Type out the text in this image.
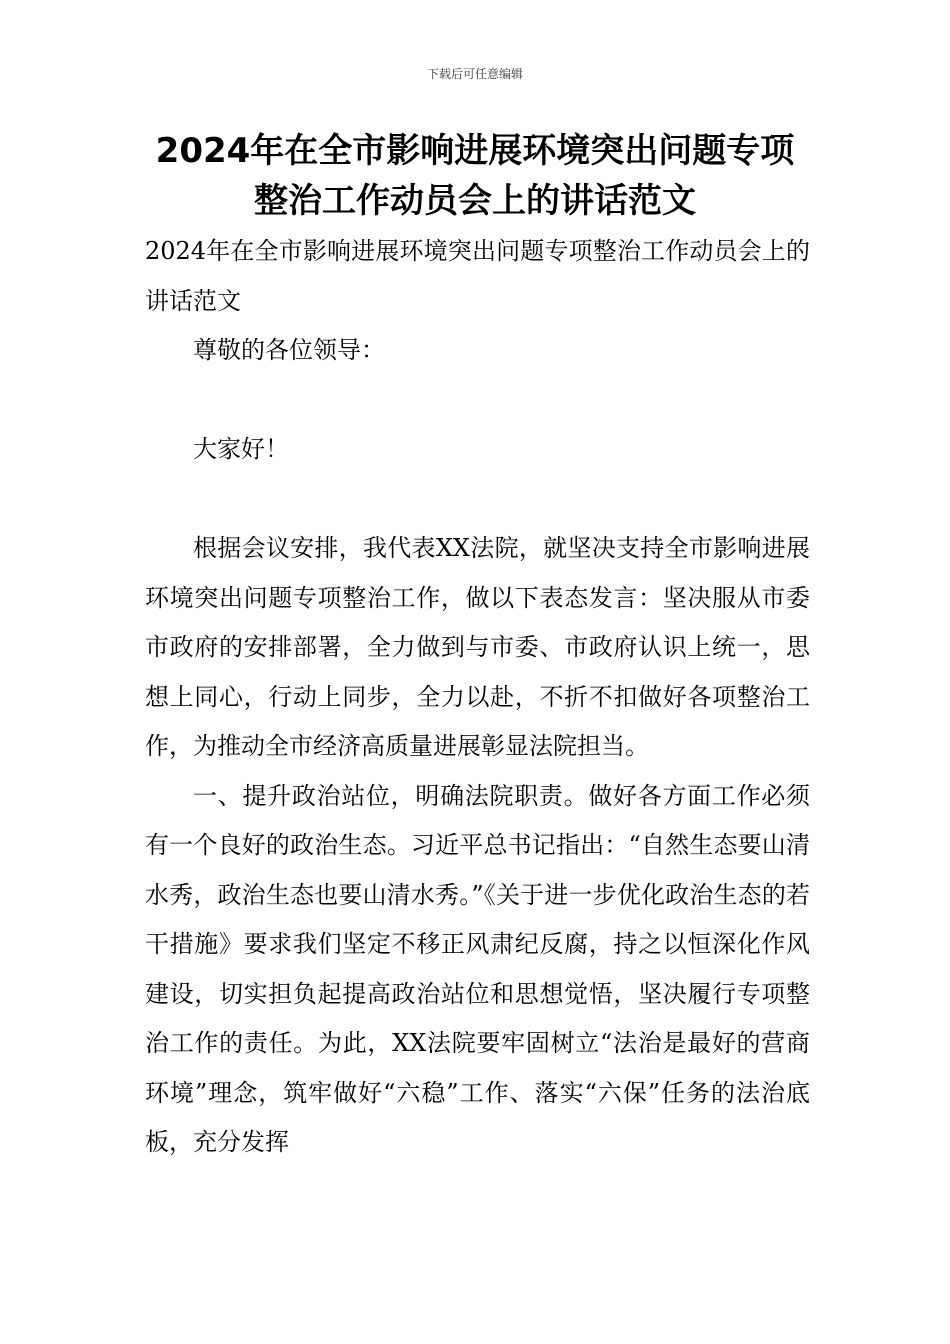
下载后可任意编辑
2024年在全市影响进展环境突出问题专项
整治工作动员会上的讲话范文

2024年在全市影响进展环境突出问题专项整治工作动员会上的讲话范文

尊敬的各位领导：

大家好！

根据会议安排，我代表XX法院，就坚决支持全市影响进展环境突出问题专项整治工作，做以下表态发言：坚决服从市委市政府的安排部署，全力做到与市委、市政府认识上统一，思想上同心，行动上同步，全力以赴，不折不扣做好各项整治工作，为推动全市经济高质量进展彰显法院担当。

一、提升政治站位，明确法院职责。做好各方面工作必须有一个良好的政治生态。习近平总书记指出：“自然生态要山清水秀，政治生态也要山清水秀。”《关于进一步优化政治生态的若干措施》要求我们坚定不移正风肃纪反腐，持之以恒深化作风建设，切实担负起提高政治站位和思想觉悟，坚决履行专项整治工作的责任。为此，XX法院要牢固树立“法治是最好的营商环境”理念，筑牢做好“六稳”工作、落实“六保”任务的法治底板，充分发挥
